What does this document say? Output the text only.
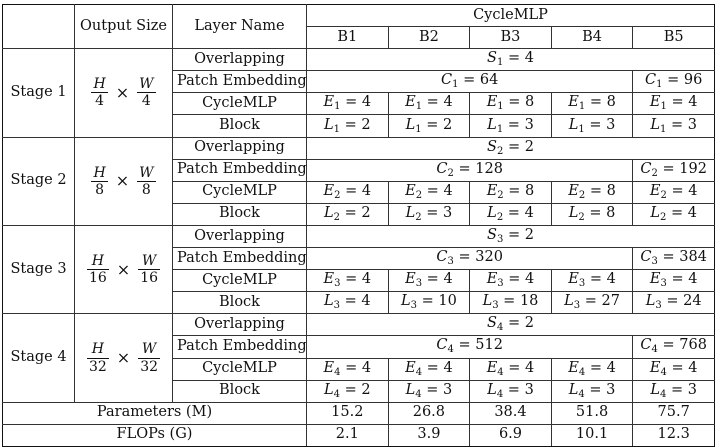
	Output Size	Layer Name	CycleMLP				
			B1	B2	B3	B4	B5
Stage 1	$\frac{H}{4} \times \frac{W}{4}$	Overlapping	$S_1 = 4$				
		Patch Embedding	$C_1 = 64$				$C_1 = 96$
		CycleMLP	$E_1 = 4$	$E_1 = 4$	$E_1 = 8$	$E_1 = 8$	$E_1 = 4$
		Block	$L_1 = 2$	$L_1 = 2$	$L_1 = 3$	$L_1 = 3$	$L_1 = 3$
Stage 2	$\frac{H}{8} \times \frac{W}{8}$	Overlapping	$S_2 = 2$				
		Patch Embedding	$C_2 = 128$				$C_2 = 192$
		CycleMLP	$E_2 = 4$	$E_2 = 4$	$E_2 = 8$	$E_2 = 8$	$E_2 = 4$
		Block	$L_2 = 2$	$L_2 = 3$	$L_2 = 4$	$L_2 = 8$	$L_2 = 4$
Stage 3	$\frac{H}{16} \times \frac{W}{16}$	Overlapping	$S_3 = 2$				
		Patch Embedding	$C_3 = 320$				$C_3 = 384$
		CycleMLP	$E_3 = 4$	$E_3 = 4$	$E_3 = 4$	$E_3 = 4$	$E_3 = 4$
		Block	$L_3 = 4$	$L_3 = 10$	$L_3 = 18$	$L_3 = 27$	$L_3 = 24$
Stage 4	$\frac{H}{32} \times \frac{W}{32}$	Overlapping	$S_4 = 2$				
		Patch Embedding	$C_4 = 512$				$C_4 = 768$
		CycleMLP	$E_4 = 4$	$E_4 = 4$	$E_4 = 4$	$E_4 = 4$	$E_4 = 4$
		Block	$L_4 = 2$	$L_4 = 3$	$L_4 = 3$	$L_4 = 3$	$L_4 = 3$
Parameters (M)			15.2	26.8	38.4	51.8	75.7
FLOPs (G)			2.1	3.9	6.9	10.1	12.3
